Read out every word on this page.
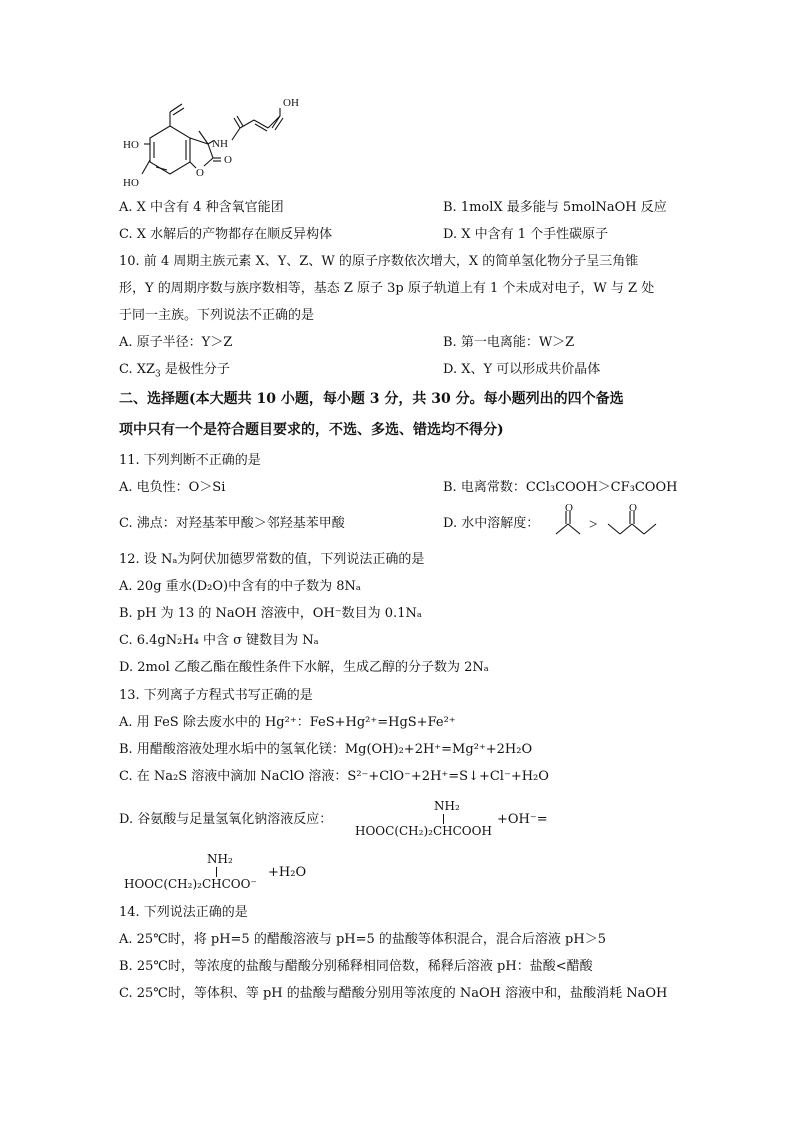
OH
NH
O
O
HO
HO
A. X 中含有 4 种含氧官能团	B. 1molX 最多能与 5molNaOH 反应
C. X 水解后的产物都存在顺反异构体	D. X 中含有 1 个手性碳原子
10. 前 4 周期主族元素 X、Y、Z、W 的原子序数依次增大，X 的简单氢化物分子呈三角锥
形，Y 的周期序数与族序数相等，基态 Z 原子 3p 原子轨道上有 1 个未成对电子，W 与 Z 处
于同一主族。下列说法不正确的是
A. 原子半径：Y＞Z	B. 第一电离能：W＞Z
C. $XZ_3$ 是极性分子	D. X、Y 可以形成共价晶体
二、选择题(本大题共 10 小题，每小题 3 分，共 30 分。每小题列出的四个备选
项中只有一个是符合题目要求的，不选、多选、错选均不得分)
11. 下列判断不正确的是
A. 电负性：O＞Si	B. 电离常数：CCl₃COOH＞CF₃COOH
C. 沸点：对羟基苯甲酸＞邻羟基苯甲酸	D. 水中溶解度：
O	O
>
12. 设 Nₐ为阿伏加德罗常数的值，下列说法正确的是
A. 20g 重水(D₂O)中含有的中子数为 8Nₐ
B. pH 为 13 的 NaOH 溶液中，OH⁻数目为 0.1Nₐ
C. 6.4gN₂H₄ 中含 σ 键数目为 Nₐ
D. 2mol 乙酸乙酯在酸性条件下水解，生成乙醇的分子数为 2Nₐ
13. 下列离子方程式书写正确的是
A. 用 FeS 除去废水中的 Hg²⁺：FeS+Hg²⁺=HgS+Fe²⁺
B. 用醋酸溶液处理水垢中的氢氧化镁：Mg(OH)₂+2H⁺=Mg²⁺+2H₂O
C. 在 Na₂S 溶液中滴加 NaClO 溶液：S²⁻+ClO⁻+2H⁺=S↓+Cl⁻+H₂O
D. 谷氨酸与足量氢氧化钠溶液反应：
NH₂
HOOC(CH₂)₂CHCOOH
+OH⁻=
NH₂
HOOC(CH₂)₂CHCOO⁻
+H₂O
14. 下列说法正确的是
A. 25℃时，将 pH=5 的醋酸溶液与 pH=5 的盐酸等体积混合，混合后溶液 pH＞5
B. 25℃时，等浓度的盐酸与醋酸分别稀释相同倍数，稀释后溶液 pH：盐酸<醋酸
C. 25℃时，等体积、等 pH 的盐酸与醋酸分别用等浓度的 NaOH 溶液中和，盐酸消耗 NaOH
